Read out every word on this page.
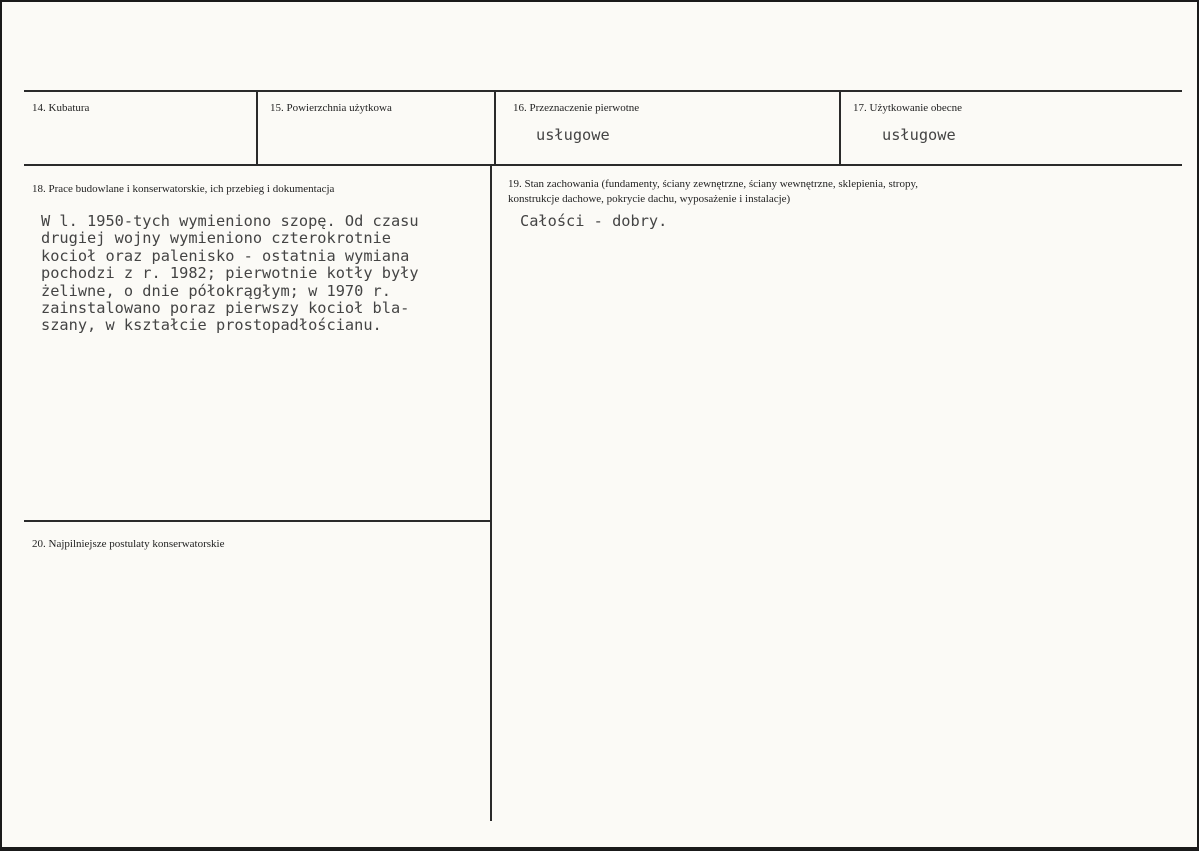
14. Kubatura	15. Powierzchnia użytkowa	16. Przeznaczenie pierwotne
usługowe
17. Użytkowanie obecne
usługowe
18. Prace budowlane i konserwatorskie, ich przebieg i dokumentacja
W l. 1950-tych wymieniono szopę. Od czasu
drugiej wojny wymieniono czterokrotnie
kocioł oraz palenisko - ostatnia wymiana
pochodzi z r. 1982; pierwotnie kotły były
żeliwne, o dnie półokrągłym; w 1970 r.
zainstalowano poraz pierwszy kocioł bla-
szany, w kształcie prostopadłościanu.
19. Stan zachowania (fundamenty, ściany zewnętrzne, ściany wewnętrzne, sklepienia, stropy,
konstrukcje dachowe, pokrycie dachu, wyposażenie i instalacje)
Całości - dobry.
20. Najpilniejsze postulaty konserwatorskie
